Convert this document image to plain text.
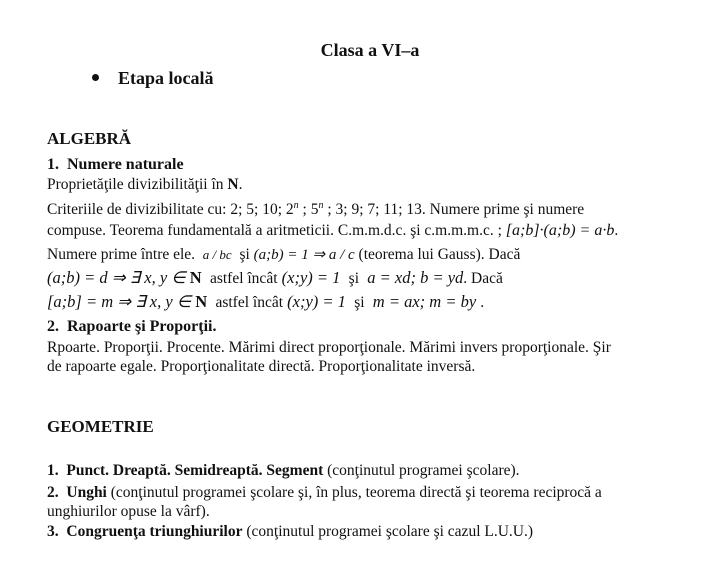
Clasa a VI–a
Etapa locală
ALGEBRĂ
1. Numere naturale
Proprietăţile divizibilităţii în N.
Criteriile de divizibilitate cu: 2; 5; 10; 2$^n$ ; 5$^n$ ; 3; 9; 7; 11; 13. Numere prime şi numere
compuse. Teorema fundamentală a aritmeticii. C.m.m.d.c. şi c.m.m.m.c. ; [a;b]·(a;b) = a·b.
Numere prime între ele. a / bc şi (a;b) = 1 ⇒ a / c (teorema lui Gauss). Dacă
(a;b) = d ⇒ ∃ x, y ∈ N astfel încât (x;y) = 1 şi a = xd; b = yd. Dacă
[a;b] = m ⇒ ∃ x, y ∈ N astfel încât (x;y) = 1 şi m = ax; m = by .
2. Rapoarte şi Proporţii.
Rpoarte. Proporţii. Procente. Mărimi direct proporţionale. Mărimi invers proporţionale. Şir
de rapoarte egale. Proporţionalitate directă. Proporţionalitate inversă.
GEOMETRIE
1. Punct. Dreaptă. Semidreaptă. Segment (conţinutul programei şcolare).
2. Unghi (conţinutul programei şcolare şi, în plus, teorema directă şi teorema reciprocă a
unghiurilor opuse la vârf).
3. Congruenţa triunghiurilor (conţinutul programei şcolare şi cazul L.U.U.)
